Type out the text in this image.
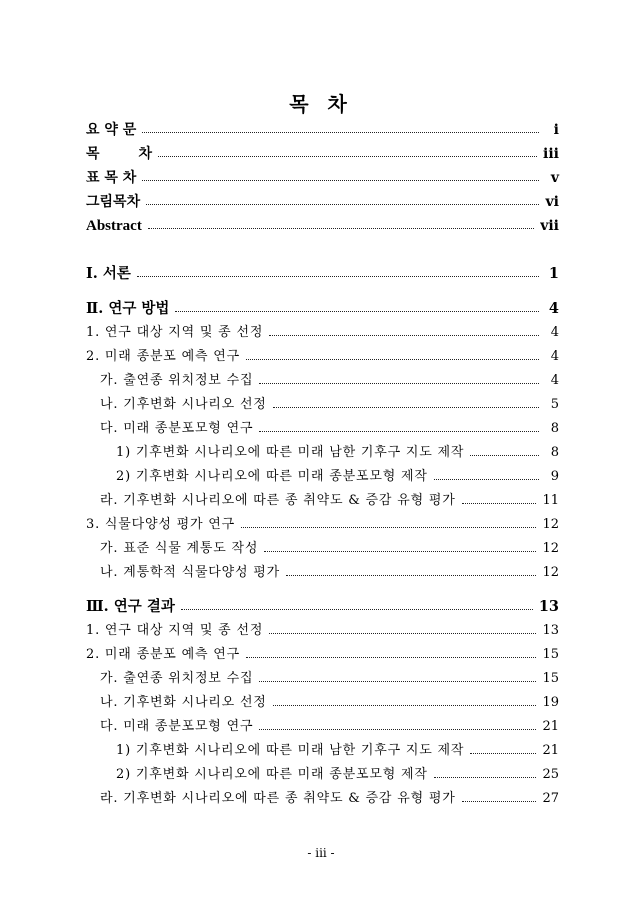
목 차
요 약 문	i
목        차	iii
표 목 차	v
그림목차	vi
Abstract	vii
Ⅰ. 서론	1
Ⅱ. 연구 방법	4
1. 연구 대상 지역 및 종 선정	4
2. 미래 종분포 예측 연구	4
가. 출연종 위치정보 수집	4
나. 기후변화 시나리오 선정	5
다. 미래 종분포모형 연구	8
1) 기후변화 시나리오에 따른 미래 남한 기후구 지도 제작	8
2) 기후변화 시나리오에 따른 미래 종분포모형 제작	9
라. 기후변화 시나리오에 따른 종 취약도 & 증감 유형 평가	11
3. 식물다양성 평가 연구	12
가. 표준 식물 계통도 작성	12
나. 계통학적 식물다양성 평가	12
Ⅲ. 연구 결과	13
1. 연구 대상 지역 및 종 선정	13
2. 미래 종분포 예측 연구	15
가. 출연종 위치정보 수집	15
나. 기후변화 시나리오 선정	19
다. 미래 종분포모형 연구	21
1) 기후변화 시나리오에 따른 미래 남한 기후구 지도 제작	21
2) 기후변화 시나리오에 따른 미래 종분포모형 제작	25
라. 기후변화 시나리오에 따른 종 취약도 & 증감 유형 평가	27
- iii -
